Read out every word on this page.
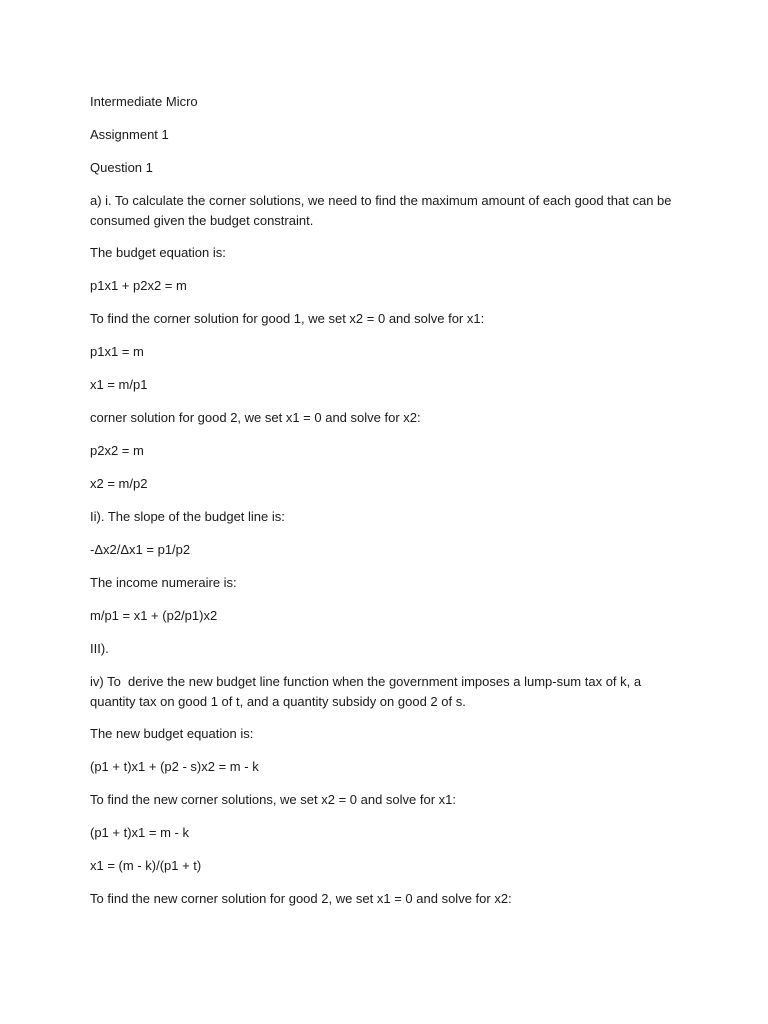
Intermediate Micro

Assignment 1

Question 1

a) i. To calculate the corner solutions, we need to find the maximum amount of each good that can be consumed given the budget constraint.

The budget equation is:

p1x1 + p2x2 = m

To find the corner solution for good 1, we set x2 = 0 and solve for x1:

p1x1 = m

x1 = m/p1

corner solution for good 2, we set x1 = 0 and solve for x2:

p2x2 = m

x2 = m/p2

Ii). The slope of the budget line is:

-Δx2/Δx1 = p1/p2

The income numeraire is:

m/p1 = x1 + (p2/p1)x2

III).

iv) To  derive the new budget line function when the government imposes a lump-sum tax of k, a quantity tax on good 1 of t, and a quantity subsidy on good 2 of s.

The new budget equation is:

(p1 + t)x1 + (p2 - s)x2 = m - k

To find the new corner solutions, we set x2 = 0 and solve for x1:

(p1 + t)x1 = m - k

x1 = (m - k)/(p1 + t)

To find the new corner solution for good 2, we set x1 = 0 and solve for x2:
